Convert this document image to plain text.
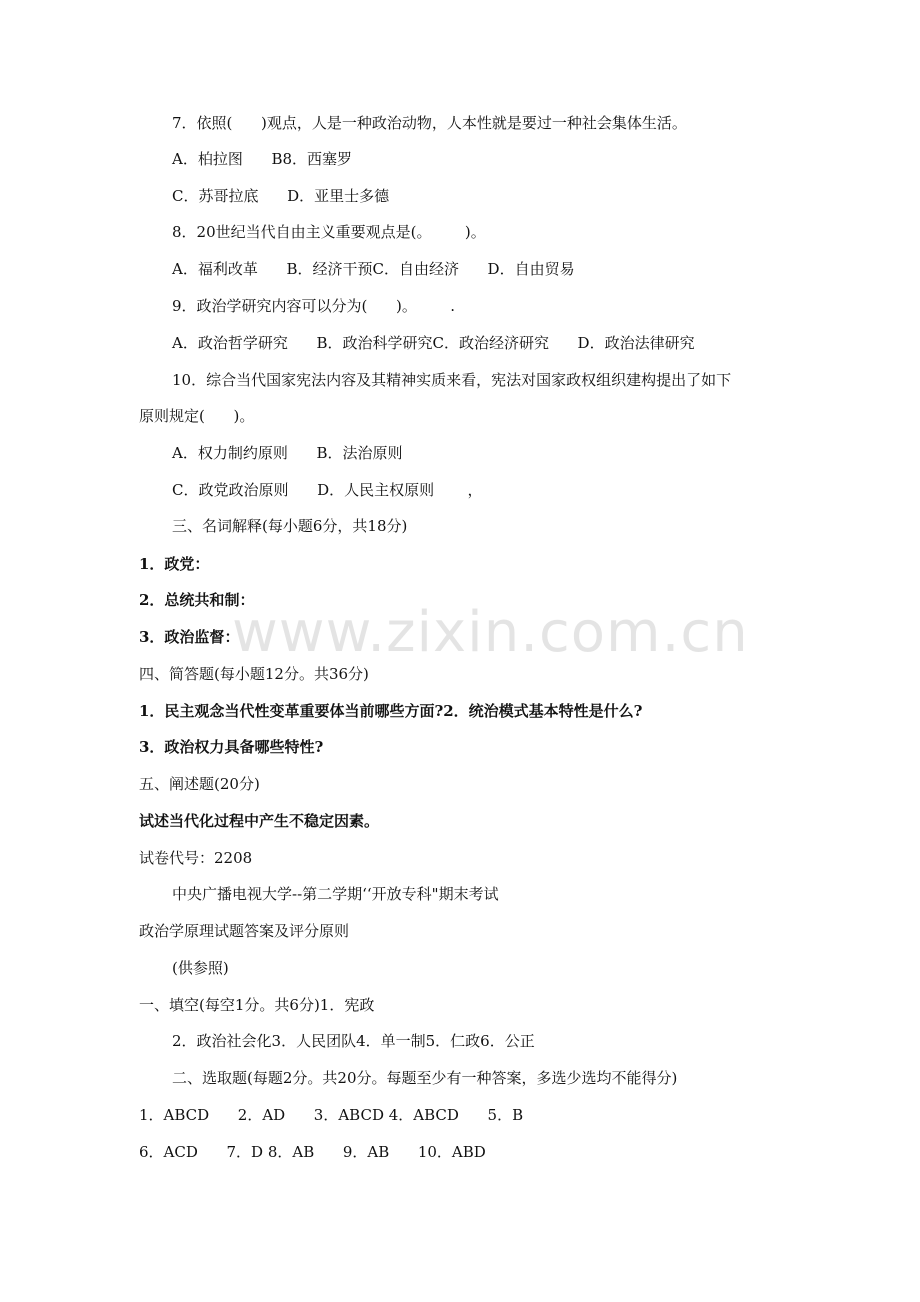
www.zixin.com.cn
7．依照(      )观点，人是一种政治动物，人本性就是要过一种社会集体生活。
A．柏拉图      B8．西塞罗
C．苏哥拉底      D．亚里士多德
8．20世纪当代自由主义重要观点是(。       )。
A．福利改革      B．经济干预C．自由经济      D．自由贸易
9．政治学研究内容可以分为(      )。       .
A．政治哲学研究      B．政治科学研究C．政治经济研究      D．政治法律研究
10．综合当代国家宪法内容及其精神实质来看，宪法对国家政权组织建构提出了如下
原则规定(      )。
A．权力制约原则      B．法治原则
C．政党政治原则      D．人民主权原则       ，
三、名词解释(每小题6分，共18分)
1．政党：
2．总统共和制：
3．政治监督：
四、简答题(每小题12分。共36分)
1．民主观念当代性变革重要体当前哪些方面?2．统治模式基本特性是什么?
3．政治权力具备哪些特性?
五、阐述题(20分)
试述当代化过程中产生不稳定因素。
试卷代号：2208
中央广播电视大学--第二学期‘‘开放专科"期末考试
政治学原理试题答案及评分原则
(供参照)
一、填空(每空1分。共6分)1．宪政
2．政治社会化3．人民团队4．单一制5．仁政6．公正
二、选取题(每题2分。共20分。每题至少有一种答案，多选少选均不能得分)
1．ABCD      2．AD      3．ABCD 4．ABCD      5．B
6．ACD      7．D 8．AB      9．AB      10．ABD
